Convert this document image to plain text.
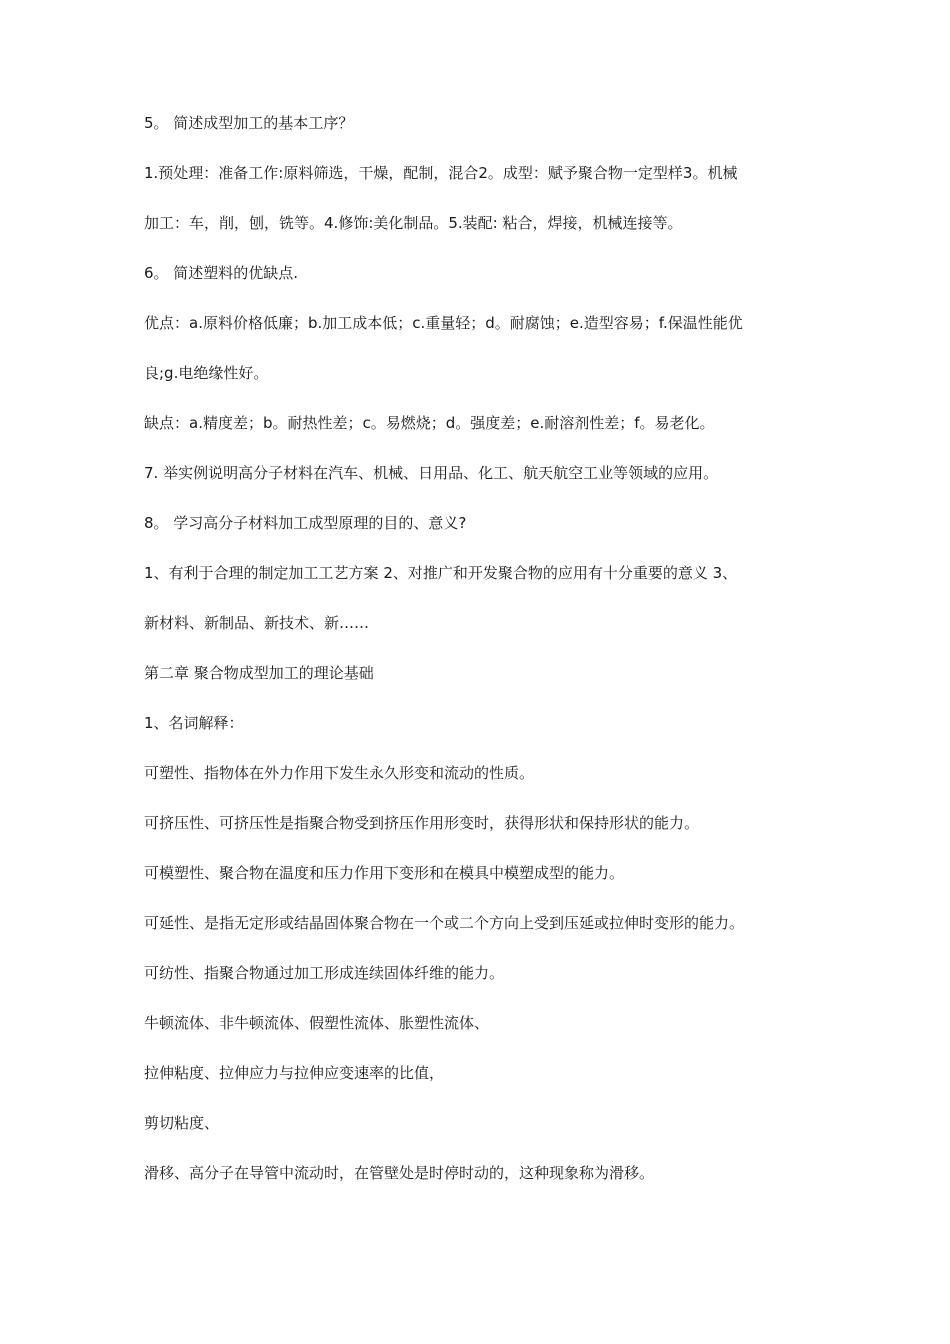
5。 简述成型加工的基本工序？
1.预处理：准备工作:原料筛选，干燥，配制，混合2。成型：赋予聚合物一定型样3。机械
加工：车，削，刨，铣等。4.修饰:美化制品。5.装配: 粘合，焊接，机械连接等。
6。 简述塑料的优缺点.
优点：a.原料价格低廉；b.加工成本低；c.重量轻；d。耐腐蚀；e.造型容易；f.保温性能优
良;g.电绝缘性好。
缺点：a.精度差；b。耐热性差；c。易燃烧；d。强度差；e.耐溶剂性差；f。易老化。
7. 举实例说明高分子材料在汽车、机械、日用品、化工、航天航空工业等领域的应用。
8。 学习高分子材料加工成型原理的目的、意义?
1、有利于合理的制定加工工艺方案 2、对推广和开发聚合物的应用有十分重要的意义 3、
新材料、新制品、新技术、新……
第二章 聚合物成型加工的理论基础
1、名词解释：
可塑性、指物体在外力作用下发生永久形变和流动的性质。
可挤压性、可挤压性是指聚合物受到挤压作用形变时，获得形状和保持形状的能力。
可模塑性、聚合物在温度和压力作用下变形和在模具中模塑成型的能力。
可延性、是指无定形或结晶固体聚合物在一个或二个方向上受到压延或拉伸时变形的能力。
可纺性、指聚合物通过加工形成连续固体纤维的能力。
牛顿流体、非牛顿流体、假塑性流体、胀塑性流体、
拉伸粘度、拉伸应力与拉伸应变速率的比值，
剪切粘度、
滑移、高分子在导管中流动时，在管壁处是时停时动的，这种现象称为滑移。
